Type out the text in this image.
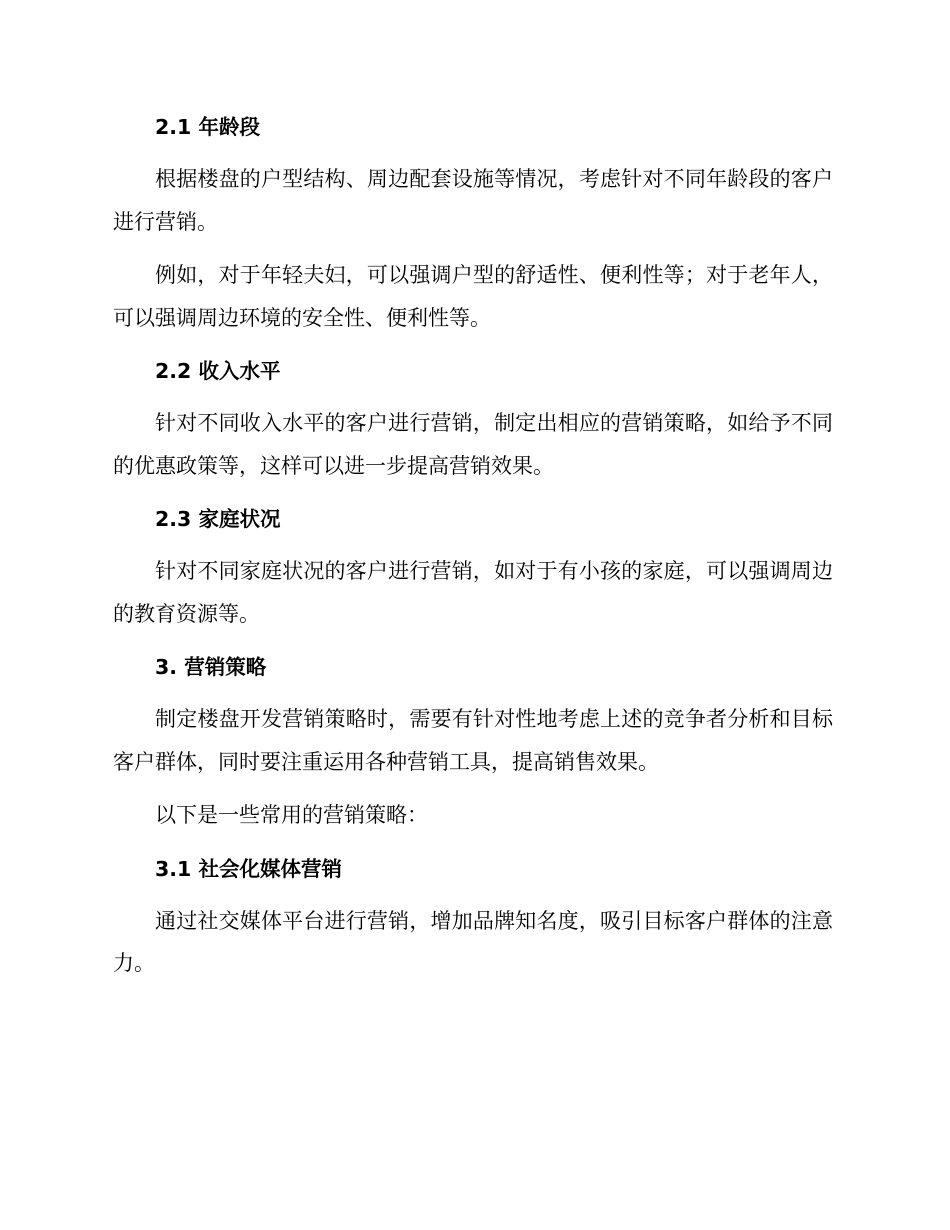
2.1 年龄段

根据楼盘的户型结构、周边配套设施等情况，考虑针对不同年龄段的客户进行营销。

例如，对于年轻夫妇，可以强调户型的舒适性、便利性等；对于老年人，可以强调周边环境的安全性、便利性等。

2.2 收入水平

针对不同收入水平的客户进行营销，制定出相应的营销策略，如给予不同的优惠政策等，这样可以进一步提高营销效果。

2.3 家庭状况

针对不同家庭状况的客户进行营销，如对于有小孩的家庭，可以强调周边的教育资源等。

3. 营销策略

制定楼盘开发营销策略时，需要有针对性地考虑上述的竞争者分析和目标客户群体，同时要注重运用各种营销工具，提高销售效果。

以下是一些常用的营销策略：

3.1 社会化媒体营销

通过社交媒体平台进行营销，增加品牌知名度，吸引目标客户群体的注意力。
